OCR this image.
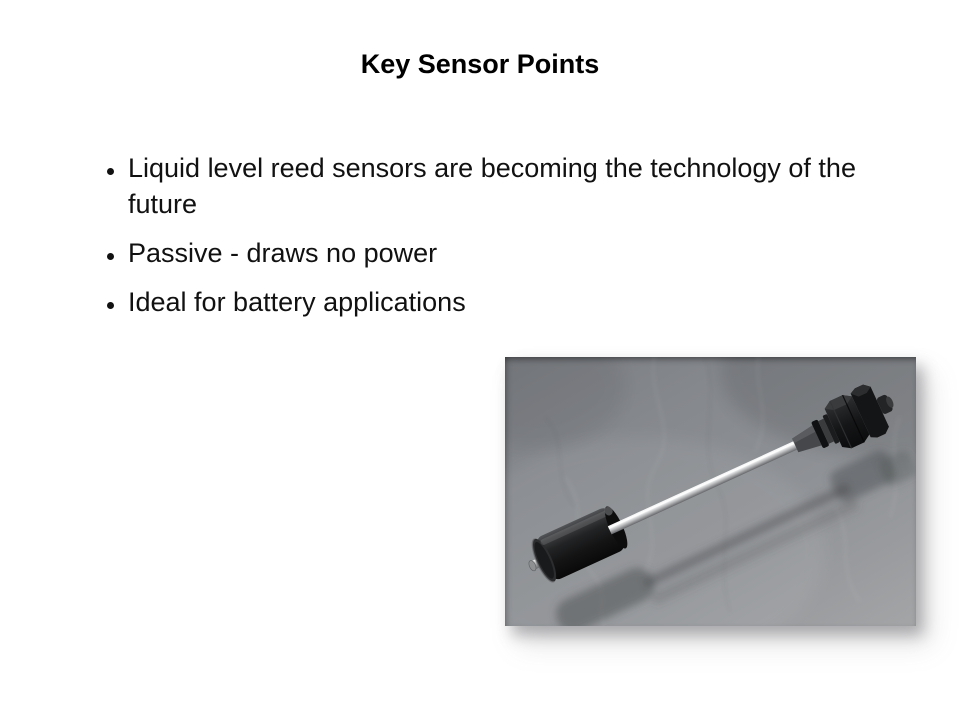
Key Sensor Points
Liquid level reed sensors are becoming the technology of the future
Passive - draws no power
Ideal for battery applications
